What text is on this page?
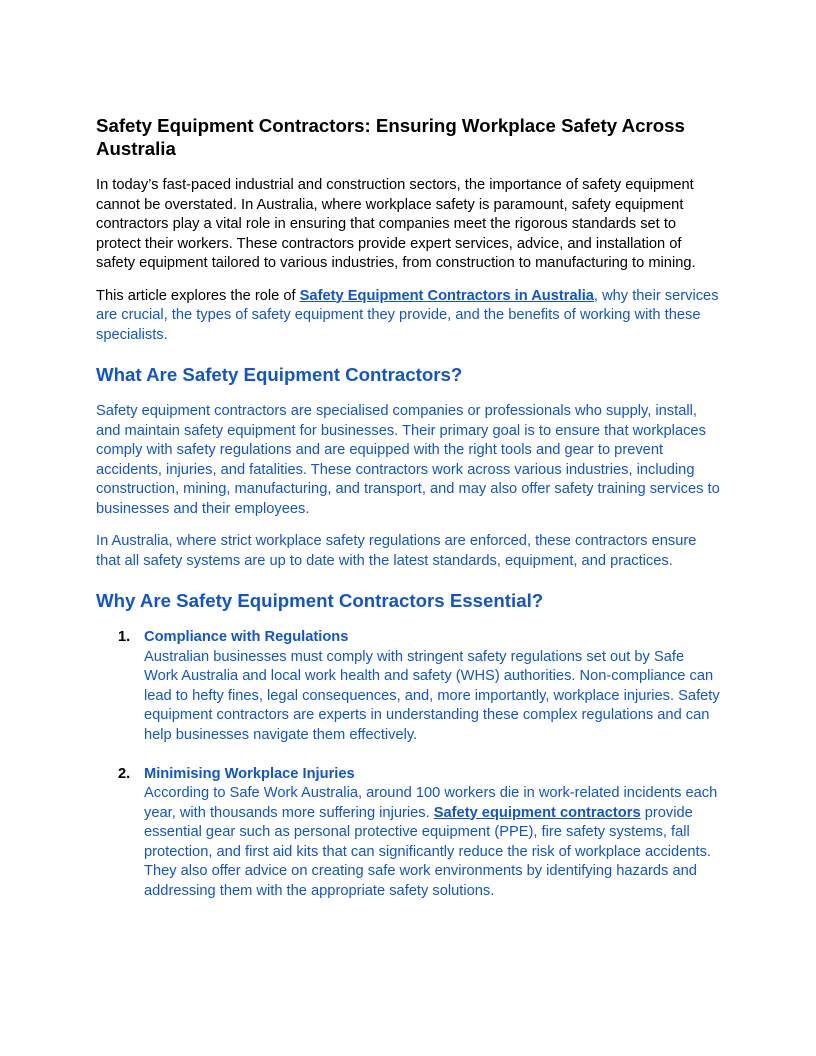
Safety Equipment Contractors: Ensuring Workplace Safety Across Australia

In today’s fast-paced industrial and construction sectors, the importance of safety equipment cannot be overstated. In Australia, where workplace safety is paramount, safety equipment contractors play a vital role in ensuring that companies meet the rigorous standards set to protect their workers. These contractors provide expert services, advice, and installation of safety equipment tailored to various industries, from construction to manufacturing to mining.

This article explores the role of Safety Equipment Contractors in Australia, why their services are crucial, the types of safety equipment they provide, and the benefits of working with these specialists.

What Are Safety Equipment Contractors?

Safety equipment contractors are specialised companies or professionals who supply, install, and maintain safety equipment for businesses. Their primary goal is to ensure that workplaces comply with safety regulations and are equipped with the right tools and gear to prevent accidents, injuries, and fatalities. These contractors work across various industries, including construction, mining, manufacturing, and transport, and may also offer safety training services to businesses and their employees.

In Australia, where strict workplace safety regulations are enforced, these contractors ensure that all safety systems are up to date with the latest standards, equipment, and practices.

Why Are Safety Equipment Contractors Essential?
1. Compliance with Regulations
Australian businesses must comply with stringent safety regulations set out by Safe Work Australia and local work health and safety (WHS) authorities. Non-compliance can lead to hefty fines, legal consequences, and, more importantly, workplace injuries. Safety equipment contractors are experts in understanding these complex regulations and can help businesses navigate them effectively.
2. Minimising Workplace Injuries
According to Safe Work Australia, around 100 workers die in work-related incidents each year, with thousands more suffering injuries. Safety equipment contractors provide essential gear such as personal protective equipment (PPE), fire safety systems, fall protection, and first aid kits that can significantly reduce the risk of workplace accidents. They also offer advice on creating safe work environments by identifying hazards and addressing them with the appropriate safety solutions.
